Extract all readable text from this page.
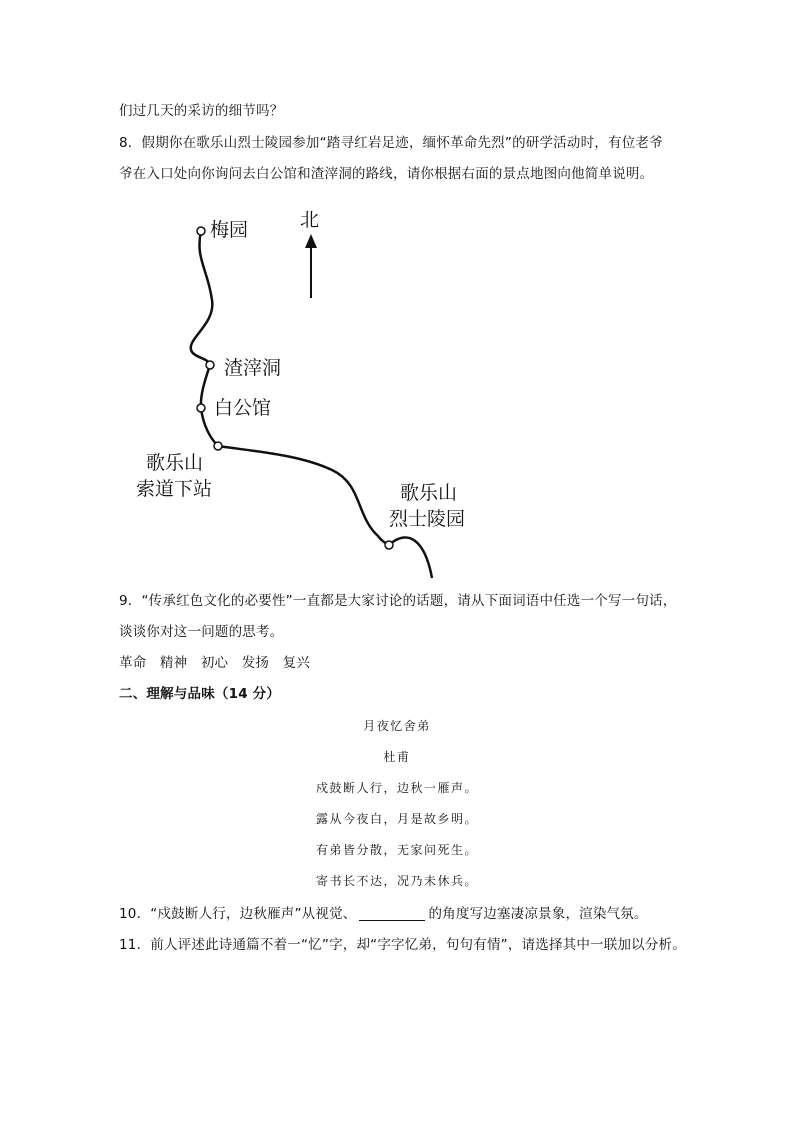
们过几天的采访的细节吗？
8．假期你在歌乐山烈士陵园参加“踏寻红岩足迹，缅怀革命先烈”的研学活动时，有位老爷
爷在入口处向你询问去白公馆和渣滓洞的路线，请你根据右面的景点地图向他简单说明。
北
梅园
渣滓洞
白公馆
歌乐山
索道下站	歌乐山
烈士陵园
9．“传承红色文化的必要性”一直都是大家讨论的话题，请从下面词语中任选一个写一句话，
谈谈你对这一问题的思考。
革命 精神 初心 发扬 复兴
二、理解与品味（14 分）
月夜忆舍弟
杜甫
戍鼓断人行，边秋一雁声。
露从今夜白，月是故乡明。
有弟皆分散，无家问死生。
寄书长不达，况乃未休兵。
10．“戍鼓断人行，边秋雁声”从视觉、	的角度写边塞凄凉景象，渲染气氛。
11．前人评述此诗通篇不着一“忆”字，却“字字忆弟，句句有情”，请选择其中一联加以分析。
